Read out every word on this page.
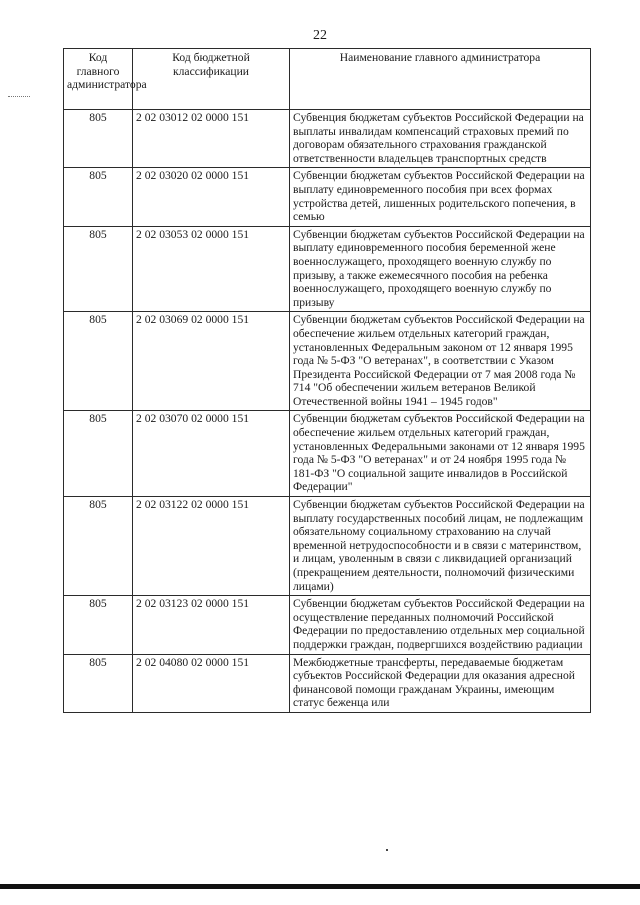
22
Код главного администратора	Код бюджетной классификации	Наименование главного администратора
805	2 02 03012 02 0000 151	Субвенция бюджетам субъектов Российской Федерации на выплаты инвалидам компенсаций страховых премий по договорам обязательного страхования гражданской ответственности владельцев транспортных средств
805	2 02 03020 02 0000 151	Субвенции бюджетам субъектов Российской Федерации на выплату единовременного пособия при всех формах устройства детей, лишенных родительского попечения, в семью
805	2 02 03053 02 0000 151	Субвенции бюджетам субъектов Российской Федерации на выплату единовременного пособия беременной жене военнослужащего, проходящего военную службу по призыву, а также ежемесячного пособия на ребенка военнослужащего, проходящего военную службу по призыву
805	2 02 03069 02 0000 151	Субвенции бюджетам субъектов Российской Федерации на обеспечение жильем отдельных категорий граждан, установленных Федеральным законом от 12 января 1995 года № 5-ФЗ "О ветеранах", в соответствии с Указом Президента Российской Федерации от 7 мая 2008 года № 714 "Об обеспечении жильем ветеранов Великой Отечественной войны 1941 – 1945 годов"
805	2 02 03070 02 0000 151	Субвенции бюджетам субъектов Российской Федерации на обеспечение жильем отдельных категорий граждан, установленных Федеральными законами от 12 января 1995 года № 5-ФЗ "О ветеранах" и от 24 ноября 1995 года № 181-ФЗ "О социальной защите инвалидов в Российской Федерации"
805	2 02 03122 02 0000 151	Субвенции бюджетам субъектов Российской Федерации на выплату государственных пособий лицам, не подлежащим обязательному социальному страхованию на случай временной нетрудоспособности и в связи с материнством, и лицам, уволенным в связи с ликвидацией организаций (прекращением деятельности, полномочий физическими лицами)
805	2 02 03123 02 0000 151	Субвенции бюджетам субъектов Российской Федерации на осуществление переданных полномочий Российской Федерации по предоставлению отдельных мер социальной поддержки граждан, подвергшихся воздействию радиации
805	2 02 04080 02 0000 151	Межбюджетные трансферты, передаваемые бюджетам субъектов Российской Федерации для оказания адресной финансовой помощи гражданам Украины, имеющим статус беженца или
